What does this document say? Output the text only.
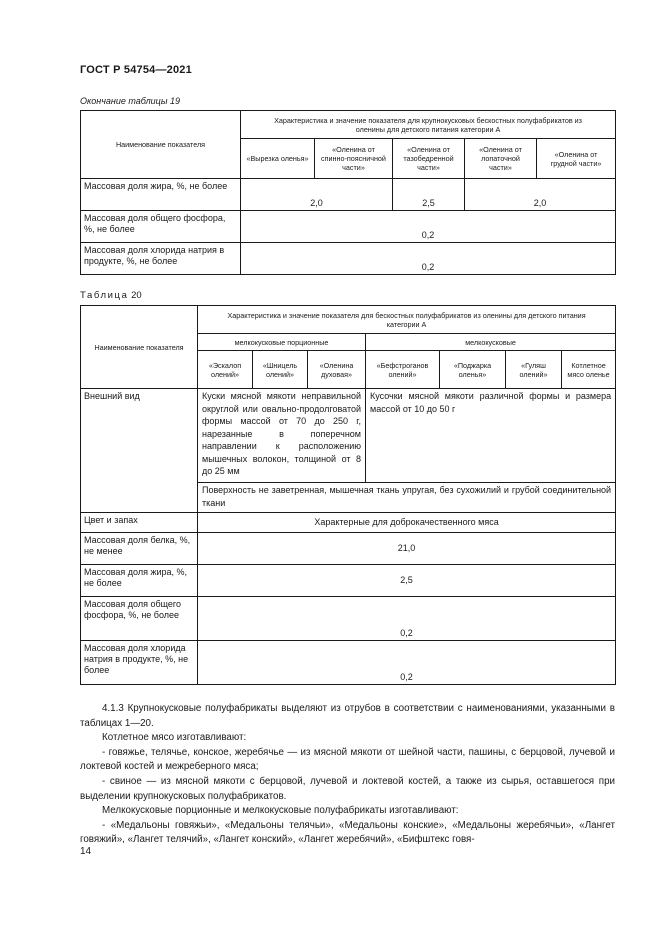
ГОСТ Р 54754—2021
Окончание таблицы 19
Наименование показателя	Характеристика и значение показателя для крупнокусковых бескостных полуфабрикатов из оленины для детского питания категории А				
	«Вырезка оленья»	«Оленина от спинно-поясничной части»	«Оленина от тазобедренной части»	«Оленина от лопаточной части»	«Оленина от грудной части»
Массовая доля жира, %, не более	2,0		2,5	2,0	
Массовая доля общего фосфора, %, не более	0,2				
Массовая доля хлорида натрия в продукте, %, не более	0,2				
Таблица 20
Наименование показателя	Характеристика и значение показателя для бескостных полуфабрикатов из оленины для детского питания категории А						
	мелкокусковые порционные			мелкокусковые			
	«Эскалоп олений»	«Шницель олений»	«Оленина духовая»	«Бефстроганов олений»	«Поджарка оленья»	«Гуляш олений»	Котлетное мясо оленье
Внешний вид	Куски мясной мякоти неправильной округлой или овально-продолговатой формы массой от 70 до 250 г, нарезанные в поперечном направлении к расположению мышечных волокон, толщиной от 8 до 25 мм			Кусочки мясной мякоти различной формы и размера массой от 10 до 50 г			
	Поверхность не заветренная, мышечная ткань упругая, без сухожилий и грубой соединительной ткани						
Цвет и запах	Характерные для доброкачественного мяса						
Массовая доля белка, %, не менее	21,0						
Массовая доля жира, %, не более	2,5						
Массовая доля общего фосфора, %, не более	0,2						
Массовая доля хлорида натрия в продукте, %, не более	0,2						

4.1.3 Крупнокусковые полуфабрикаты выделяют из отрубов в соответствии с наименованиями, указанными в таблицах 1—20.

Котлетное мясо изготавливают:

- говяжье, телячье, конское, жеребячье — из мясной мякоти от шейной части, пашины, с берцовой, лучевой и локтевой костей и межреберного мяса;

- свиное — из мясной мякоти с берцовой, лучевой и локтевой костей, а также из сырья, оставшегося при выделении крупнокусковых полуфабрикатов.

Мелкокусковые порционные и мелкокусковые полуфабрикаты изготавливают:

- «Медальоны говяжьи», «Медальоны телячьи», «Медальоны конские», «Медальоны жеребячьи», «Лангет говяжий», «Лангет телячий», «Лангет конский», «Лангет жеребячий», «Бифштекс говя-

14
